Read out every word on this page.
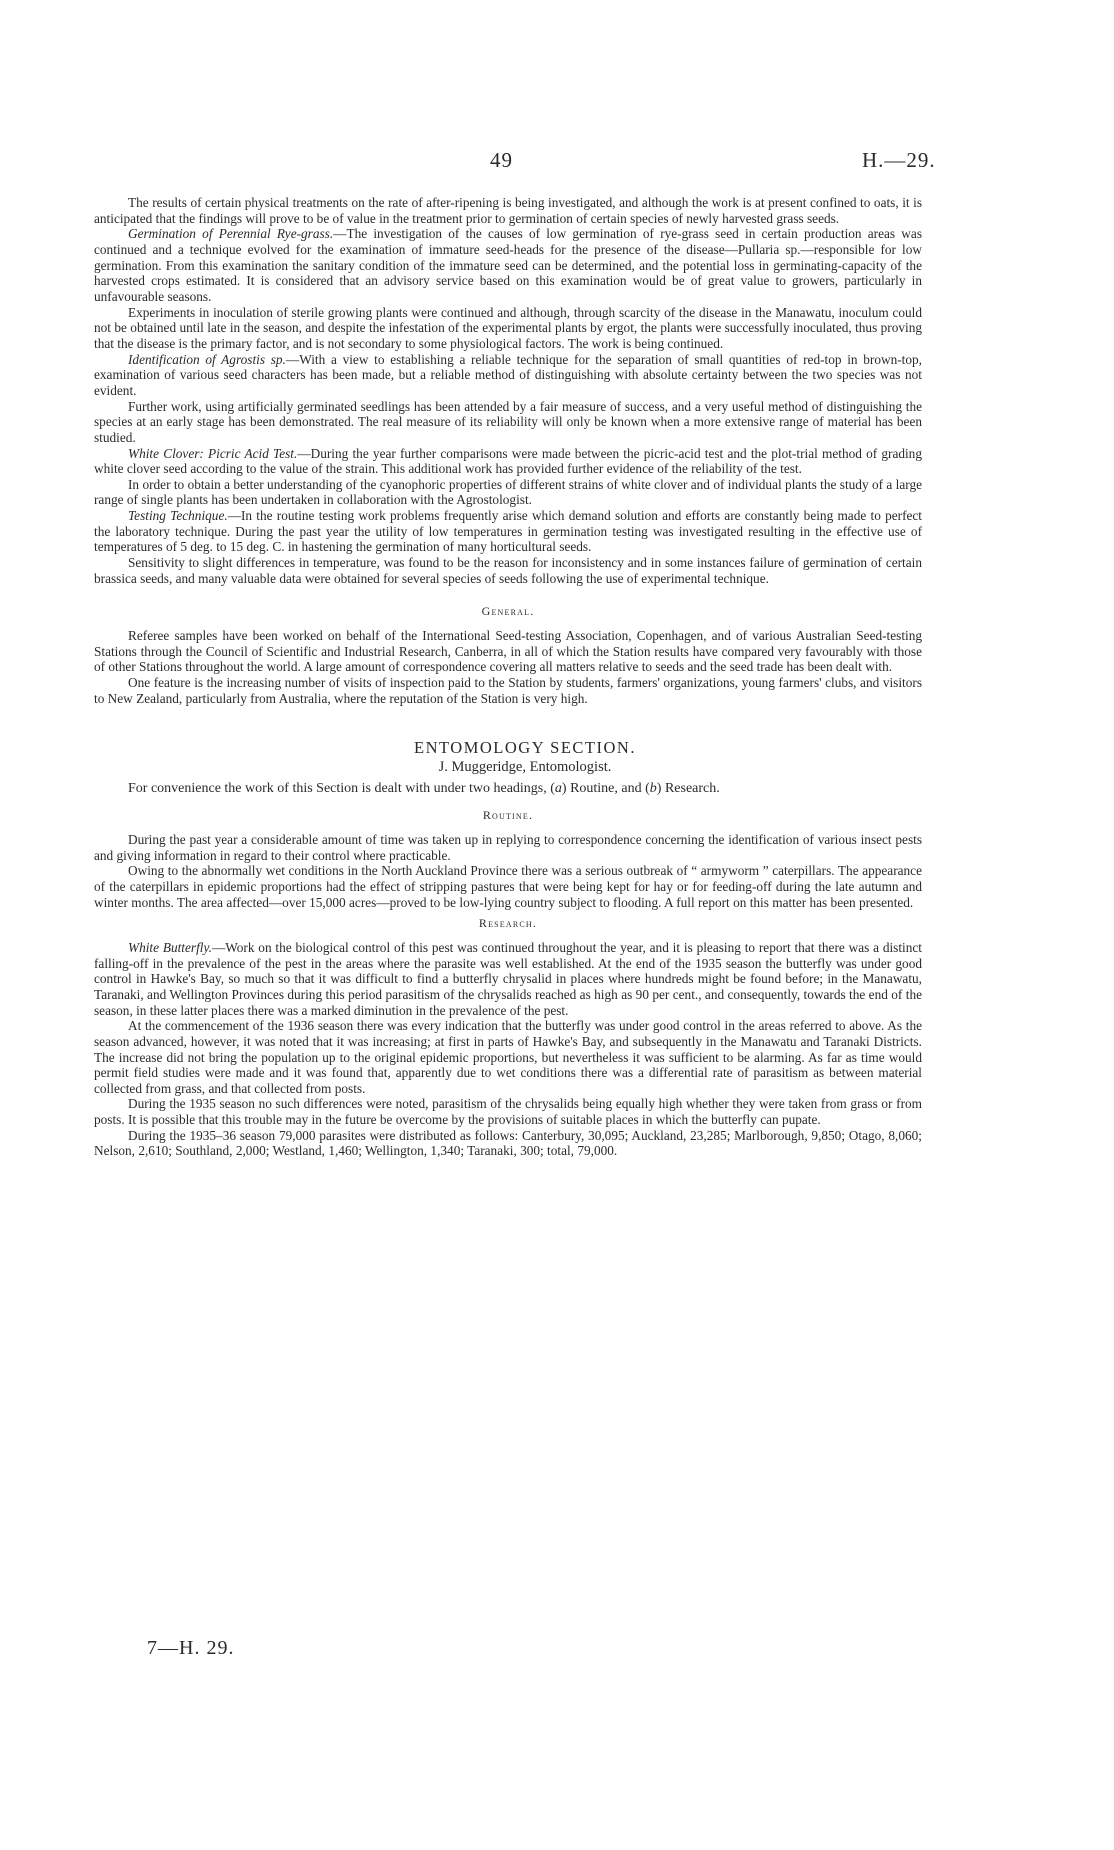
49	H.—29.

The results of certain physical treatments on the rate of after-ripening is being investigated, and although the work is at present confined to oats, it is anticipated that the findings will prove to be of value in the treatment prior to germination of certain species of newly harvested grass seeds.

Germination of Perennial Rye-grass.—The investigation of the causes of low germination of rye-grass seed in certain production areas was continued and a technique evolved for the examination of immature seed-heads for the presence of the disease—Pullaria sp.—responsible for low germination. From this examination the sanitary condition of the immature seed can be determined, and the potential loss in germinating-capacity of the harvested crops estimated. It is considered that an advisory service based on this examination would be of great value to growers, particularly in unfavourable seasons.

Experiments in inoculation of sterile growing plants were continued and although, through scarcity of the disease in the Manawatu, inoculum could not be obtained until late in the season, and despite the infestation of the experimental plants by ergot, the plants were successfully inoculated, thus proving that the disease is the primary factor, and is not secondary to some physiological factors. The work is being continued.

Identification of Agrostis sp.—With a view to establishing a reliable technique for the separation of small quantities of red-top in brown-top, examination of various seed characters has been made, but a reliable method of distinguishing with absolute certainty between the two species was not evident.

Further work, using artificially germinated seedlings has been attended by a fair measure of success, and a very useful method of distinguishing the species at an early stage has been demonstrated. The real measure of its reliability will only be known when a more extensive range of material has been studied.

White Clover: Picric Acid Test.—During the year further comparisons were made between the picric-acid test and the plot-trial method of grading white clover seed according to the value of the strain. This additional work has provided further evidence of the reliability of the test.

In order to obtain a better understanding of the cyanophoric properties of different strains of white clover and of individual plants the study of a large range of single plants has been undertaken in collaboration with the Agrostologist.

Testing Technique.—In the routine testing work problems frequently arise which demand solution and efforts are constantly being made to perfect the laboratory technique. During the past year the utility of low temperatures in germination testing was investigated resulting in the effective use of temperatures of 5 deg. to 15 deg. C. in hastening the germination of many horticultural seeds.

Sensitivity to slight differences in temperature, was found to be the reason for inconsistency and in some instances failure of germination of certain brassica seeds, and many valuable data were obtained for several species of seeds following the use of experimental technique.

General.

Referee samples have been worked on behalf of the International Seed-testing Association, Copenhagen, and of various Australian Seed-testing Stations through the Council of Scientific and Industrial Research, Canberra, in all of which the Station results have compared very favourably with those of other Stations throughout the world. A large amount of correspondence covering all matters relative to seeds and the seed trade has been dealt with.

One feature is the increasing number of visits of inspection paid to the Station by students, farmers' organizations, young farmers' clubs, and visitors to New Zealand, particularly from Australia, where the reputation of the Station is very high.

ENTOMOLOGY SECTION.

J. Muggeridge, Entomologist.

For convenience the work of this Section is dealt with under two headings, (a) Routine, and (b) Research.

Routine.

During the past year a considerable amount of time was taken up in replying to correspondence concerning the identification of various insect pests and giving information in regard to their control where practicable.

Owing to the abnormally wet conditions in the North Auckland Province there was a serious outbreak of “ armyworm ” caterpillars. The appearance of the caterpillars in epidemic proportions had the effect of stripping pastures that were being kept for hay or for feeding-off during the late autumn and winter months. The area affected—over 15,000 acres—proved to be low-lying country subject to flooding. A full report on this matter has been presented.

Research.

White Butterfly.—Work on the biological control of this pest was continued throughout the year, and it is pleasing to report that there was a distinct falling-off in the prevalence of the pest in the areas where the parasite was well established. At the end of the 1935 season the butterfly was under good control in Hawke's Bay, so much so that it was difficult to find a butterfly chrysalid in places where hundreds might be found before; in the Manawatu, Taranaki, and Wellington Provinces during this period parasitism of the chrysalids reached as high as 90 per cent., and consequently, towards the end of the season, in these latter places there was a marked diminution in the prevalence of the pest.

At the commencement of the 1936 season there was every indication that the butterfly was under good control in the areas referred to above. As the season advanced, however, it was noted that it was increasing; at first in parts of Hawke's Bay, and subsequently in the Manawatu and Taranaki Districts. The increase did not bring the population up to the original epidemic proportions, but nevertheless it was sufficient to be alarming. As far as time would permit field studies were made and it was found that, apparently due to wet conditions there was a differential rate of parasitism as between material collected from grass, and that collected from posts.

During the 1935 season no such differences were noted, parasitism of the chrysalids being equally high whether they were taken from grass or from posts. It is possible that this trouble may in the future be overcome by the provisions of suitable places in which the butterfly can pupate.

During the 1935–36 season 79,000 parasites were distributed as follows: Canterbury, 30,095; Auckland, 23,285; Marlborough, 9,850; Otago, 8,060; Nelson, 2,610; Southland, 2,000; Westland, 1,460; Wellington, 1,340; Taranaki, 300; total, 79,000.

7—H. 29.
